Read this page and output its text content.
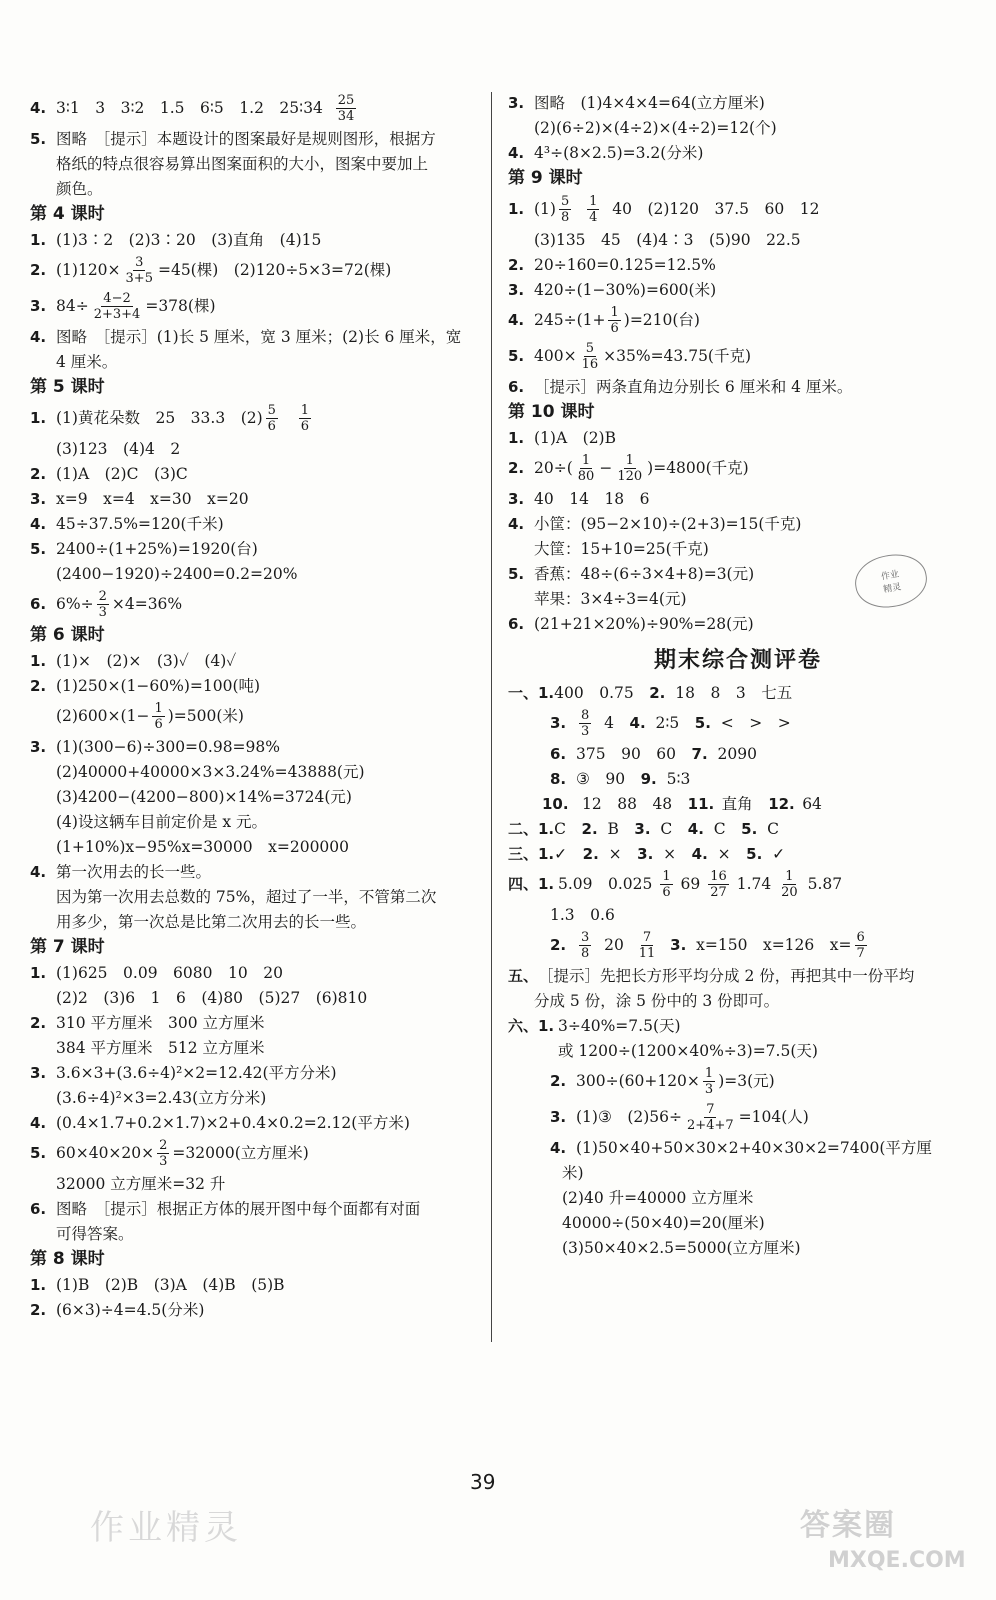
4. 3∶1　3　3∶2　1.5　6∶5　1.2　25∶34
$\frac{25}{34}$
5. 图略　［提示］本题设计的图案最好是规则图形，根据方
格纸的特点很容易算出图案面积的大小，图案中要加上
颜色。
第 4 课时
1. (1)3∶2　(2)3∶20　(3)直角　(4)15
2. $(1)120\times \frac{3}{3+5} =45$(棵)　(2)120÷5×3=72(棵)
3. $84\div \frac{4-2}{2+3+4} =378$(棵)
4. 图略　［提示］(1)长 5 厘米，宽 3 厘米；(2)长 6 厘米，宽
4 厘米。
第 5 课时
1. (1)黄花朵数　25　33.3　$(2) \frac{5}{6}$
$\frac{1}{6}$
(3)123　(4)4　2
2. (1)A　(2)C　(3)C
3. x=9　x=4　x=30　x=20
4. 45÷37.5%=120(千米)
5. 2400÷(1+25%)=1920(台)
(2400−1920)÷2400=0.2=20%
6. $6\%\div \frac{2}{3} \times 4=36\%$
第 6 课时
1. (1)×　(2)×　(3)✓　(4)✓
2. (1)250×(1−60%)=100(吨)
$(2)600\times (1- \frac{1}{6} )=500$(米)
3. (1)(300−6)÷300=0.98=98%
(2)40000+40000×3×3.24%=43888(元)
(3)4200−(4200−800)×14%=3724(元)
(4)设这辆车目前定价是 x 元。
(1+10%)x−95%x=30000　x=200000
4. 第一次用去的长一些。
因为第一次用去总数的 75%，超过了一半，不管第二次
用多少，第一次总是比第二次用去的长一些。
第 7 课时
1. (1)625　0.09　6080　10　20
(2)2　(3)6　1　6　(4)80　(5)27　(6)810
2. 310 平方厘米　300 立方厘米
384 平方厘米　512 立方厘米
3. 3.6×3+(3.6÷4)²×2=12.42(平方分米)
(3.6÷4)²×3=2.43(立方分米)
4. (0.4×1.7+0.2×1.7)×2+0.4×0.2=2.12(平方米)
5. $60\times 40\times 20\times \frac{2}{3} =32000$(立方厘米)
32000 立方厘米=32 升
6. 图略　［提示］根据正方体的展开图中每个面都有对面
可得答案。
第 8 课时
1. (1)B　(2)B　(3)A　(4)B　(5)B
2. (6×3)÷4=4.5(分米)
3. 图略　(1)4×4×4=64(立方厘米)
(2)(6÷2)×(4÷2)×(4÷2)=12(个)
4. 4³÷(8×2.5)=3.2(分米)
第 9 课时
1. $(1) \frac{5}{8}$
$\frac{1}{4}$
40　(2)120　37.5　60　12
(3)135　45　(4)4∶3　(5)90　22.5
2. 20÷160=0.125=12.5%
3. 420÷(1−30%)=600(米)
4. $245\div (1+ \frac{1}{6} )=210$(台)
5. $400\times \frac{5}{16} \times 35\%=43.75$(千克)
6. ［提示］两条直角边分别长 6 厘米和 4 厘米。
第 10 课时
1. (1)A　(2)B
2. 20÷ ( $\frac{1}{80} - \frac{1}{120} )=4800$(千克)
3. 40　14　18　6
4. 小筐：(95−2×10)÷(2+3)=15(千克)
大筐：15+10=25(千克)
5. 香蕉：48÷(6÷3×4+8)=3(元)
苹果：3×4÷3=4(元)
6. (21+21×20%)÷90%=28(元)
期末综合测评卷
一、1. 400　0.75　 2. 18　8　3　七五
3. $\frac{8}{3}$
4　 4. 2∶5　 5. <　>　>
6. 375　90　60　 7. 2090
8. ③　90　 9. 5∶3
10. 12　88　48　 11. 直角　 12. 64
二、1. C　 2. B　 3. C　 4. C　 5. C
三、1. ✓　 2. ×　 3. ×　 4. ×　 5. ✓
四、1. 5.09　0.025
$\frac{1}{6}$
69
$\frac{16}{27}$
1.74
$\frac{1}{20}$
5.87
1.3　0.6
2. $\frac{3}{8}$
20
$\frac{7}{11}$
3. x=150　x=126　$x= \frac{6}{7}$
五、 ［提示］先把长方形平均分成 2 份，再把其中一份平均
分成 5 份，涂 5 份中的 3 份即可。
六、1. 3÷40%=7.5(天)
或 1200÷(1200×40%÷3)=7.5(天)
2. $300\div (60+120\times \frac{1}{3} )=3$(元)
3. (1)③　$(2)56\div \frac{7}{2+4+7} =104$(人)
4. (1)50×40+50×30×2+40×30×2=7400(平方厘
米)
(2)40 升=40000 立方厘米
40000÷(50×40)=20(厘米)
(3)50×40×2.5=5000(立方厘米)
作业
精灵
39
作业精灵	答案圈
MXQE.COM
